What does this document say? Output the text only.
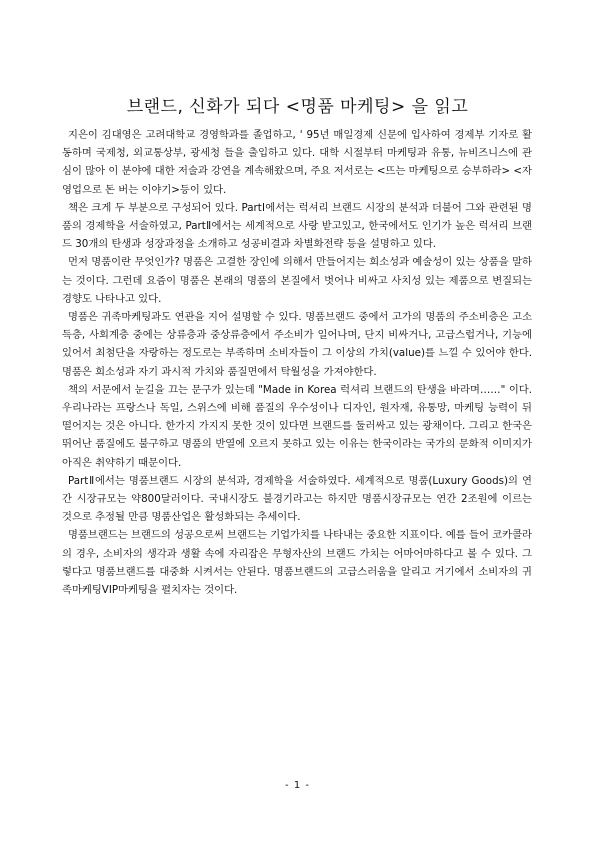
브랜드, 신화가 되다 <명품 마케팅> 을 읽고

지은이 김대영은 고려대학교 경영학과를 졸업하고, ' 95년 매일경제 신문에 입사하여 경제부 기자로 활동하며 국제청, 외교통상부, 광세청 들을 출입하고 있다. 대학 시절부터 마케팅과 유통, 뉴비즈니스에 관심이 많아 이 분야에 대한 저술과 강연을 계속해왔으며, 주요 저서로는 <뜨는 마케팅으로 승부하라> <자영업으로 돈 버는 이야기>등이 있다.

책은 크게 두 부분으로 구성되어 있다. PartⅠ에서는 럭셔리 브랜드 시장의 분석과 더불어 그와 관련된 명품의 경제학을 서술하였고, PartⅡ에서는 세계적으로 사랑 받고있고, 한국에서도 인기가 높은 럭셔리 브랜드 30개의 탄생과 성장과정을 소개하고 성공비결과 차별화전략 등을 설명하고 있다.

먼저 명품이란 무엇인가? 명품은 고결한 장인에 의해서 만들어지는 희소성과 예술성이 있는 상품을 말하는 것이다. 그런데 요즘이 명품은 본래의 명품의 본질에서 벗어나 비싸고 사치성 있는 제품으로 변질되는 경향도 나타나고 있다.

명품은 귀족마케팅과도 연관을 지어 설명할 수 있다. 명품브랜드 중에서 고가의 명품의 주소비층은 고소득층, 사회계층 중에는 상류층과 중상류층에서 주소비가 일어나며, 단지 비싸거나, 고급스럽거나, 기능에 있어서 최첨단을 자랑하는 정도로는 부족하며 소비자들이 그 이상의 가치(value)를 느낄 수 있어야 한다. 명품은 희소성과 자기 과시적 가치와 품질면에서 탁월성을 가져야한다.

책의 서문에서 눈길을 끄는 문구가 있는데 "Made in Korea 럭셔리 브랜드의 탄생을 바라며……" 이다. 우리나라는 프랑스나 독일, 스위스에 비해 품질의 우수성이나 디자인, 원자재, 유통망, 마케팅 능력이 뒤떨어지는 것은 아니다. 한가지 가지지 못한 것이 있다면 브랜드를 둘러싸고 있는 광채이다. 그리고 한국은 뛰어난 품질에도 불구하고 명품의 반열에 오르지 못하고 있는 이유는 한국이라는 국가의 문화적 이미지가 아직은 취약하기 때문이다.

PartⅡ에서는 명품브랜드 시장의 분석과, 경제학을 서술하였다. 세계적으로 명품(Luxury Goods)의 연간 시장규모는 약800달러이다. 국내시장도 불경기라고는 하지만 명품시장규모는 연간 2조원에 이르는 것으로 추정될 만큼 명품산업은 활성화되는 추세이다.

명품브랜드는 브랜드의 성공으로써 브랜드는 기업가치를 나타내는 중요한 지표이다. 예를 들어 코카콜라의 경우, 소비자의 생각과 생활 속에 자리잡은 무형자산의 브랜드 가치는 어마어마하다고 볼 수 있다. 그렇다고 명품브랜드를 대중화 시켜서는 안된다. 명품브랜드의 고급스러움을 알리고 거기에서 소비자의 귀족마케팅VIP마케팅을 펼치자는 것이다.

- 1 -
